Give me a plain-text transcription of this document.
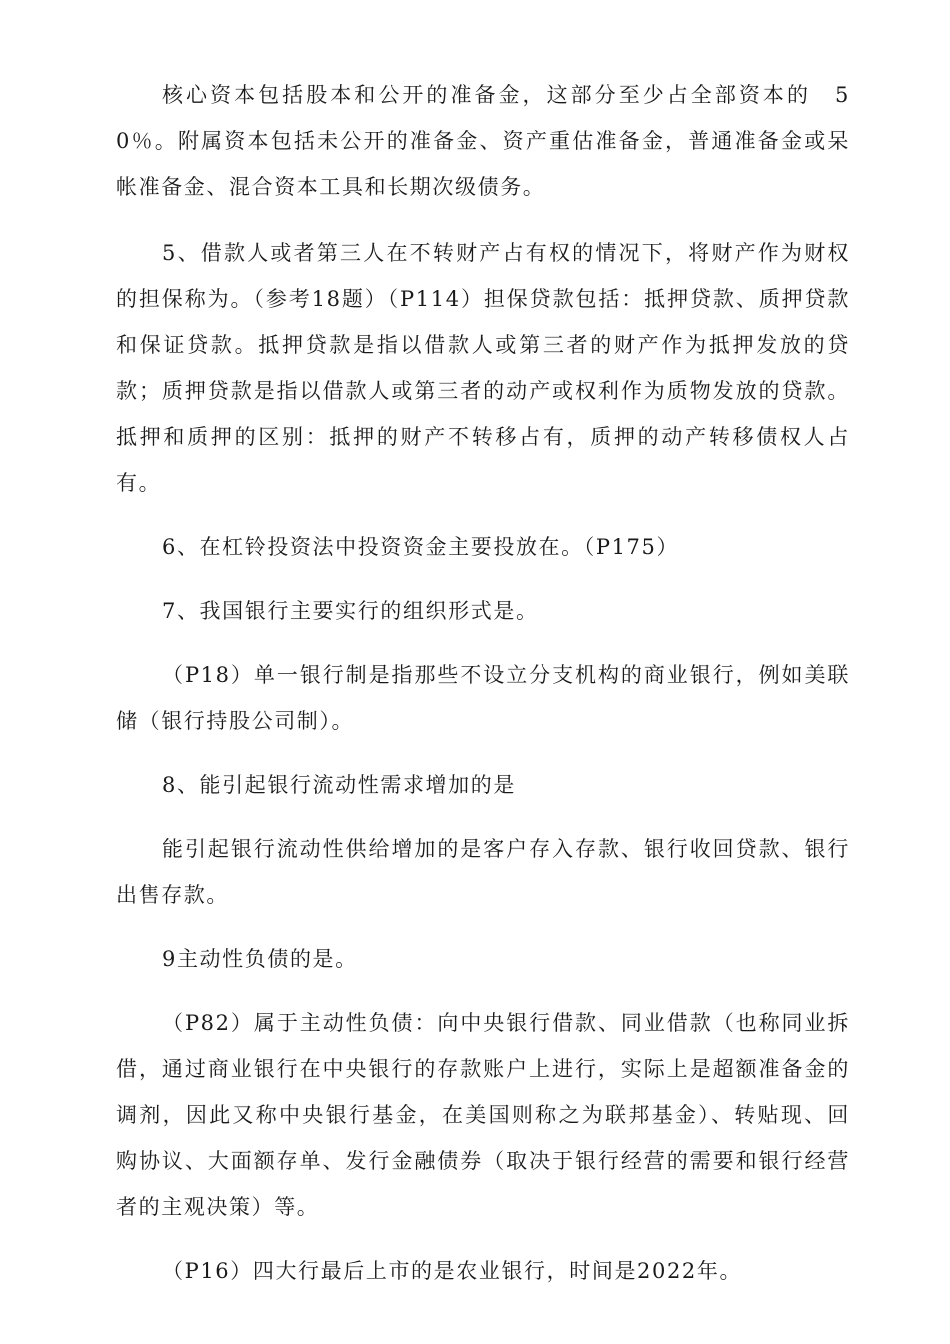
核心资本包括股本和公开的准备金，这部分至少占全部资本的　50％。附属资本包括未公开的准备金、资产重估准备金，普通准备金或呆帐准备金、混合资本工具和长期次级债务。

5、借款人或者第三人在不转财产占有权的情况下，将财产作为财权的担保称为。（参考18题）（P114）担保贷款包括：抵押贷款、质押贷款和保证贷款。抵押贷款是指以借款人或第三者的财产作为抵押发放的贷款；质押贷款是指以借款人或第三者的动产或权利作为质物发放的贷款。抵押和质押的区别：抵押的财产不转移占有，质押的动产转移债权人占有。

6、在杠铃投资法中投资资金主要投放在。（P175）

7、我国银行主要实行的组织形式是。

（P18）单一银行制是指那些不设立分支机构的商业银行，例如美联储（银行持股公司制）。

8、能引起银行流动性需求增加的是

能引起银行流动性供给增加的是客户存入存款、银行收回贷款、银行出售存款。

9主动性负债的是。

（P82）属于主动性负债：向中央银行借款、同业借款（也称同业拆借，通过商业银行在中央银行的存款账户上进行，实际上是超额准备金的调剂，因此又称中央银行基金，在美国则称之为联邦基金）、转贴现、回购协议、大面额存单、发行金融债券（取决于银行经营的需要和银行经营者的主观决策）等。

（P16）四大行最后上市的是农业银行，时间是2022年。
